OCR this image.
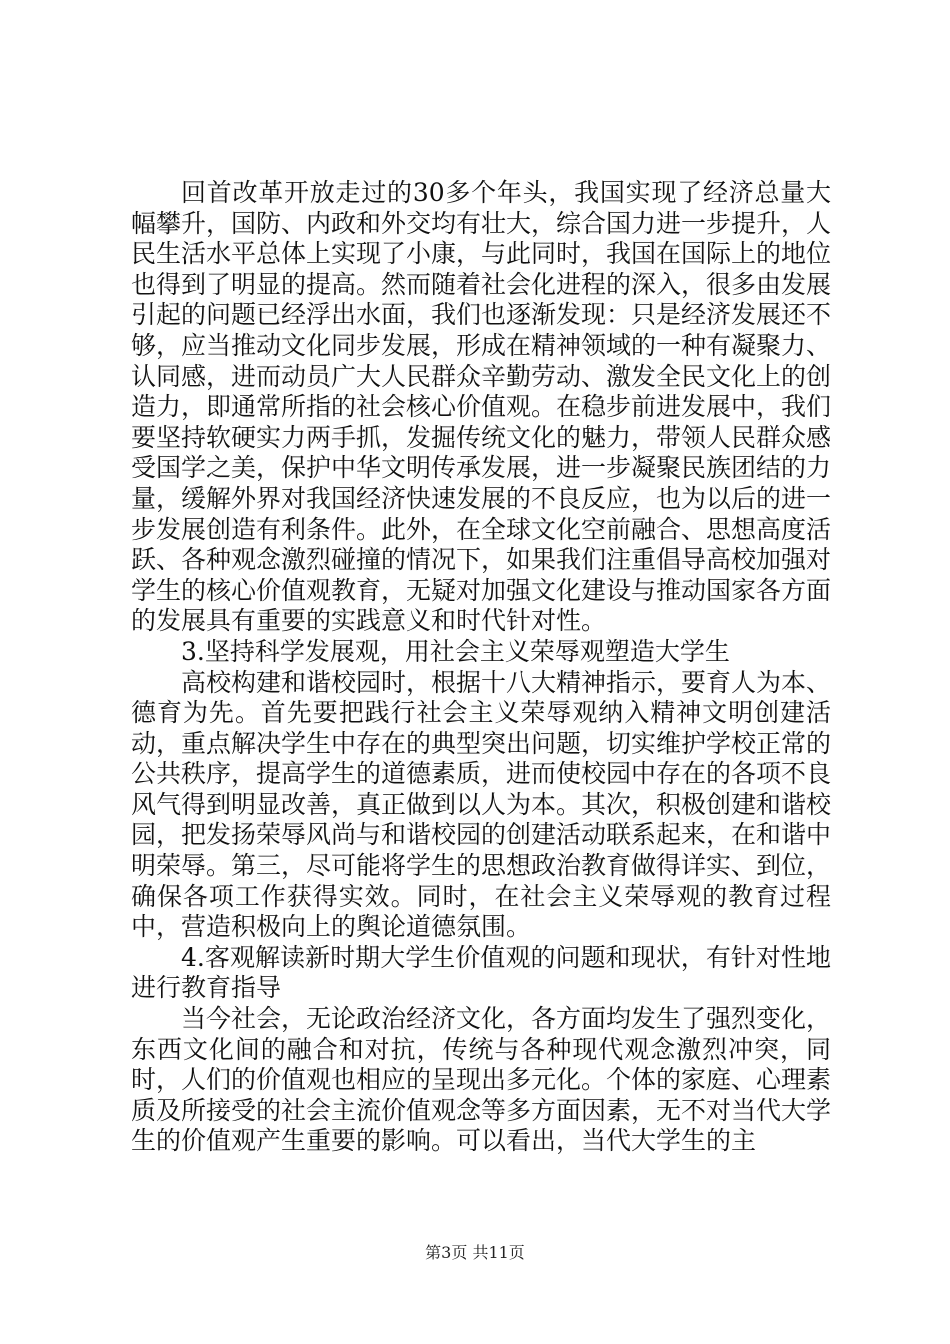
回首改革开放走过的30多个年头，我国实现了经济总量大幅攀升，国防、内政和外交均有壮大，综合国力进一步提升，人民生活水平总体上实现了小康，与此同时，我国在国际上的地位也得到了明显的提高。然而随着社会化进程的深入，很多由发展引起的问题已经浮出水面，我们也逐渐发现：只是经济发展还不够，应当推动文化同步发展，形成在精神领域的一种有凝聚力、认同感，进而动员广大人民群众辛勤劳动、激发全民文化上的创造力，即通常所指的社会核心价值观。在稳步前进发展中，我们要坚持软硬实力两手抓，发掘传统文化的魅力，带领人民群众感受国学之美，保护中华文明传承发展，进一步凝聚民族团结的力量，缓解外界对我国经济快速发展的不良反应，也为以后的进一步发展创造有利条件。此外，在全球文化空前融合、思想高度活跃、各种观念激烈碰撞的情况下，如果我们注重倡导高校加强对学生的核心价值观教育，无疑对加强文化建设与推动国家各方面的发展具有重要的实践意义和时代针对性。

3.坚持科学发展观，用社会主义荣辱观塑造大学生

高校构建和谐校园时，根据十八大精神指示，要育人为本、德育为先。首先要把践行社会主义荣辱观纳入精神文明创建活动，重点解决学生中存在的典型突出问题，切实维护学校正常的公共秩序，提高学生的道德素质，进而使校园中存在的各项不良风气得到明显改善，真正做到以人为本。其次，积极创建和谐校园，把发扬荣辱风尚与和谐校园的创建活动联系起来，在和谐中明荣辱。第三，尽可能将学生的思想政治教育做得详实、到位，确保各项工作获得实效。同时，在社会主义荣辱观的教育过程中，营造积极向上的舆论道德氛围。

4.客观解读新时期大学生价值观的问题和现状，有针对性地进行教育指导

当今社会，无论政治经济文化，各方面均发生了强烈变化，东西文化间的融合和对抗，传统与各种现代观念激烈冲突，同时，人们的价值观也相应的呈现出多元化。个体的家庭、心理素质及所接受的社会主流价值观念等多方面因素，无不对当代大学生的价值观产生重要的影响。可以看出，当代大学生的主

第3页 共11页
